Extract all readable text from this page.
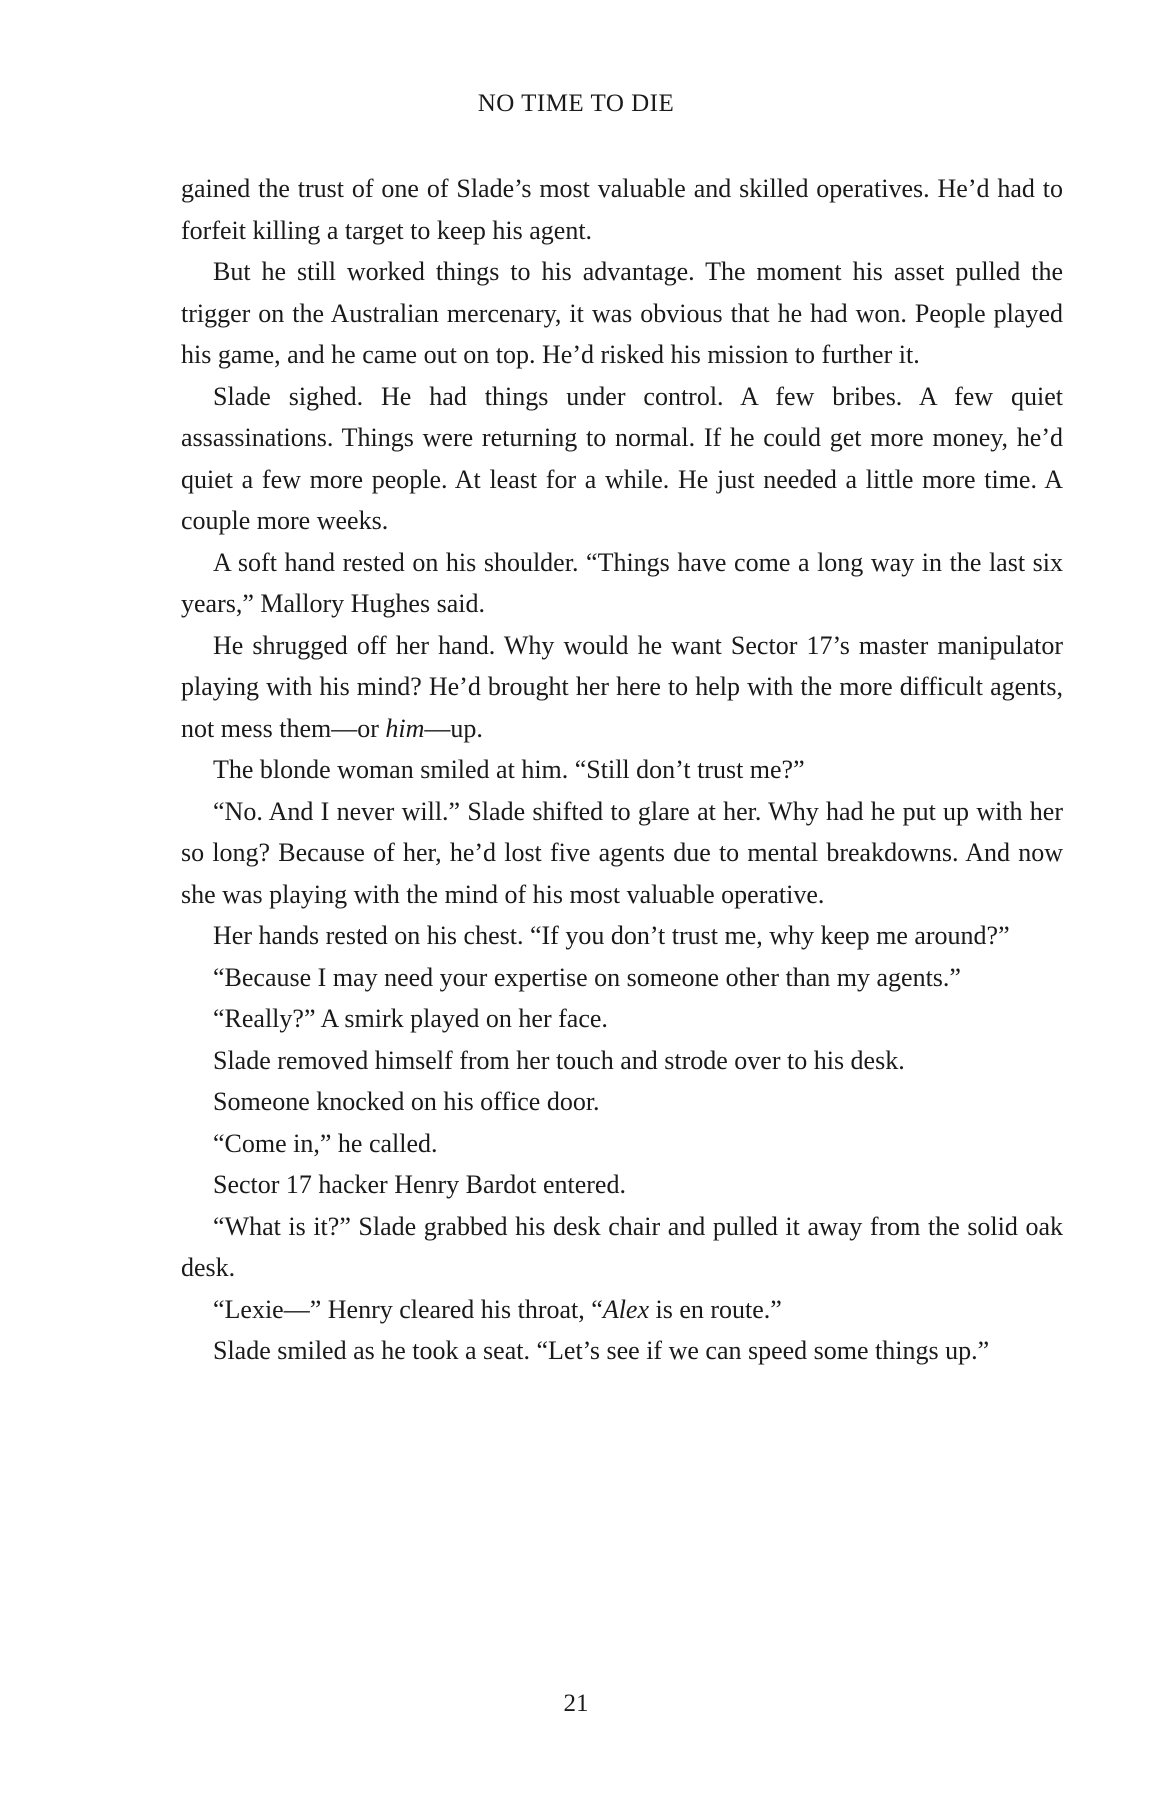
NO TIME TO DIE

gained the trust of one of Slade’s most valuable and skilled operatives. He’d had to forfeit killing a target to keep his agent.

But he still worked things to his advantage. The moment his asset pulled the trigger on the Australian mercenary, it was obvious that he had won. People played his game, and he came out on top. He’d risked his mission to further it.

Slade sighed. He had things under control. A few bribes. A few quiet assassinations. Things were returning to normal. If he could get more money, he’d quiet a few more people. At least for a while. He just needed a little more time. A couple more weeks.

A soft hand rested on his shoulder. “Things have come a long way in the last six years,” Mallory Hughes said.

He shrugged off her hand. Why would he want Sector 17’s master manipulator playing with his mind? He’d brought her here to help with the more difficult agents, not mess them—or him—up.

The blonde woman smiled at him. “Still don’t trust me?”

“No. And I never will.” Slade shifted to glare at her. Why had he put up with her so long? Because of her, he’d lost five agents due to mental breakdowns. And now she was playing with the mind of his most valuable operative.

Her hands rested on his chest. “If you don’t trust me, why keep me around?”

“Because I may need your expertise on someone other than my agents.”

“Really?” A smirk played on her face.

Slade removed himself from her touch and strode over to his desk.

Someone knocked on his office door.

“Come in,” he called.

Sector 17 hacker Henry Bardot entered.

“What is it?” Slade grabbed his desk chair and pulled it away from the solid oak desk.

“Lexie—” Henry cleared his throat, “Alex is en route.”

Slade smiled as he took a seat. “Let’s see if we can speed some things up.”

21
